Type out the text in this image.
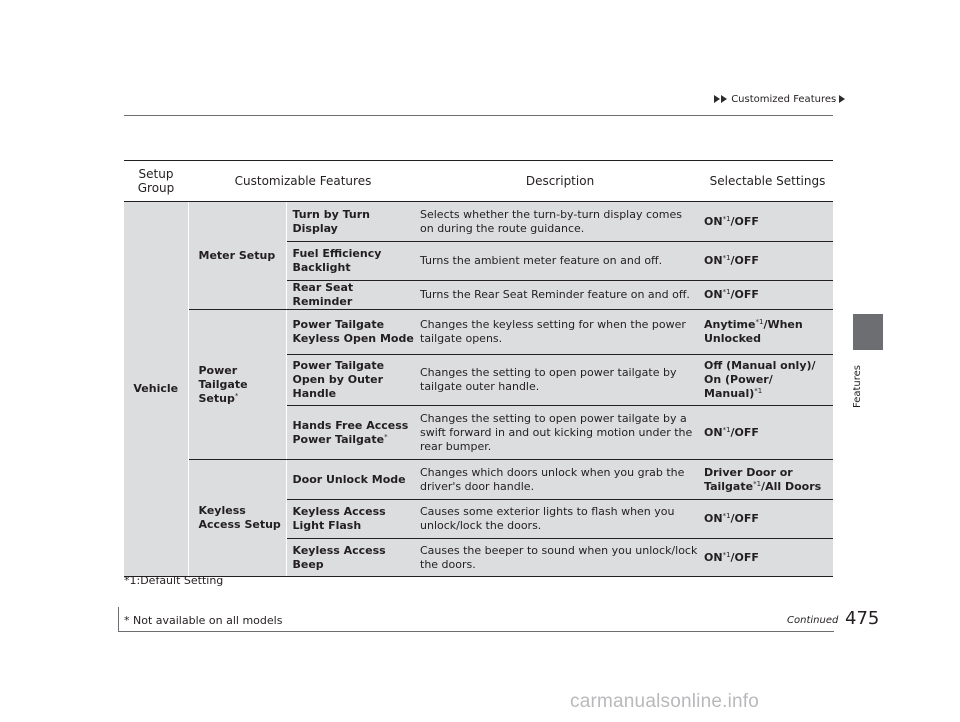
Customized Features
Features
Setup
Group	Customizable Features		Description	Selectable Settings
Vehicle	Meter Setup	Turn by Turn Display	Selects whether the turn-by-turn display comes on during the route guidance.	ON$^{*1}$/OFF
		Fuel Efficiency Backlight	Turns the ambient meter feature on and off.	ON$^{*1}$/OFF
		Rear Seat Reminder	Turns the Rear Seat Reminder feature on and off.	ON$^{*1}$/OFF
	Power Tailgate Setup*	Power Tailgate Keyless Open Mode	Changes the keyless setting for when the power tailgate opens.	Anytime$^{*1}$/When Unlocked
		Power Tailgate Open by Outer Handle	Changes the setting to open power tailgate by tailgate outer handle.	Off (Manual only)/ On (Power/ Manual)$^{*1}$
		Hands Free Access Power Tailgate*	Changes the setting to open power tailgate by a swift forward in and out kicking motion under the rear bumper.	ON$^{*1}$/OFF
	Keyless Access Setup	Door Unlock Mode	Changes which doors unlock when you grab the driver's door handle.	Driver Door or Tailgate$^{*1}$/All Doors
		Keyless Access Light Flash	Causes some exterior lights to flash when you unlock/lock the doors.	ON$^{*1}$/OFF
		Keyless Access Beep	Causes the beeper to sound when you unlock/lock the doors.	ON$^{*1}$/OFF
*1:Default Setting
* Not available on all models	Continued 475
carmanualsonline.info
